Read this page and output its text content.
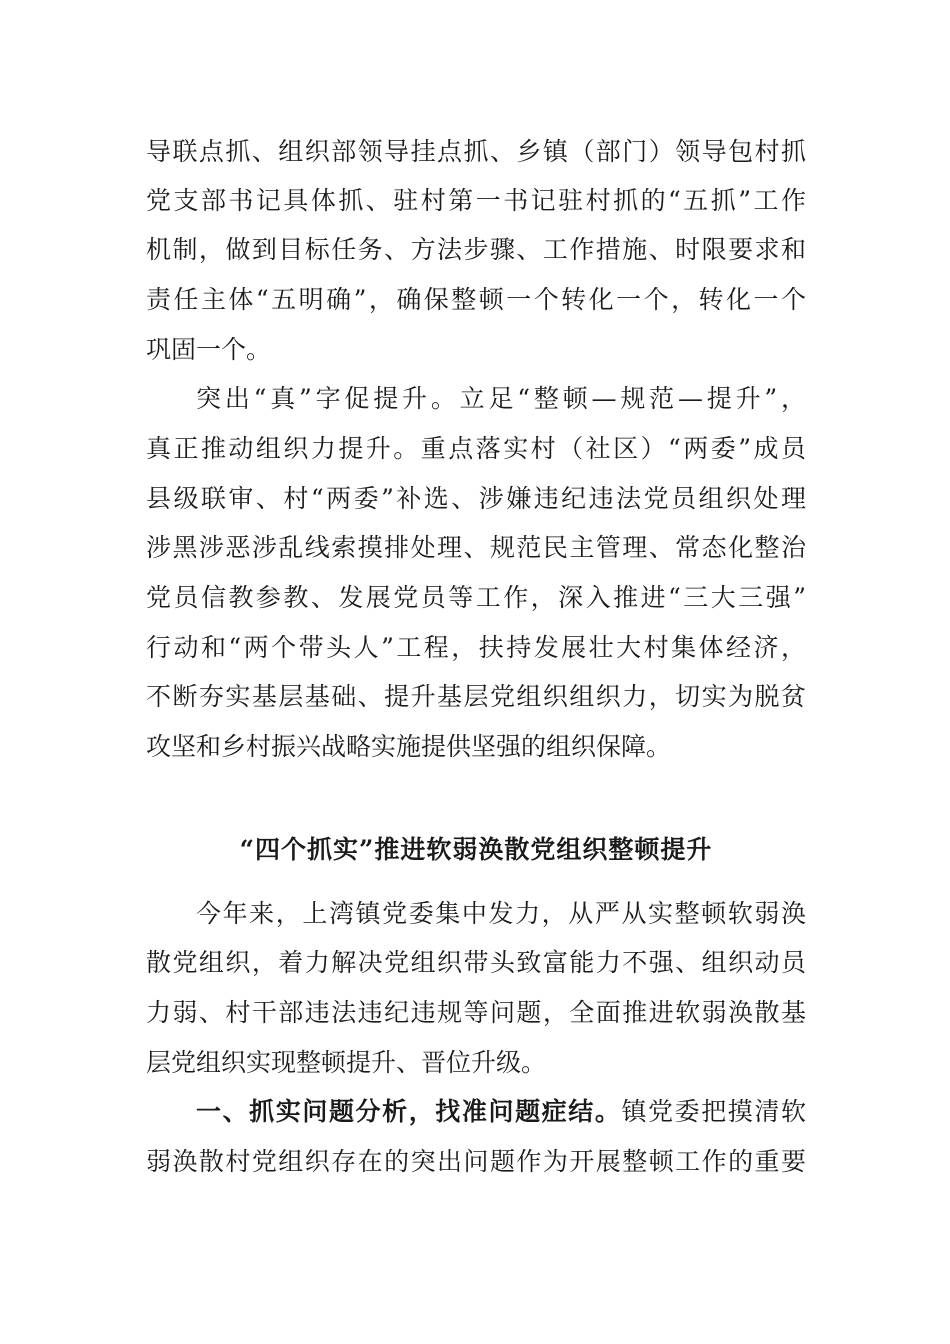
导联点抓、组织部领导挂点抓、乡镇（部门）领导包村抓
党支部书记具体抓、驻村第一书记驻村抓的“五抓”工作
机制，做到目标任务、方法步骤、工作措施、时限要求和
责任主体“五明确”，确保整顿一个转化一个，转化一个
巩固一个。
突出“真”字促提升。立足“整顿—规范—提升”，
真正推动组织力提升。重点落实村（社区）“两委”成员
县级联审、村“两委”补选、涉嫌违纪违法党员组织处理
涉黑涉恶涉乱线索摸排处理、规范民主管理、常态化整治
党员信教参教、发展党员等工作，深入推进“三大三强”
行动和“两个带头人”工程，扶持发展壮大村集体经济，
不断夯实基层基础、提升基层党组织组织力，切实为脱贫
攻坚和乡村振兴战略实施提供坚强的组织保障。
“四个抓实”推进软弱涣散党组织整顿提升
今年来，上湾镇党委集中发力，从严从实整顿软弱涣
散党组织，着力解决党组织带头致富能力不强、组织动员
力弱、村干部违法违纪违规等问题，全面推进软弱涣散基
层党组织实现整顿提升、晋位升级。
一、抓实问题分析，找准问题症结。镇党委把摸清软
弱涣散村党组织存在的突出问题作为开展整顿工作的重要
